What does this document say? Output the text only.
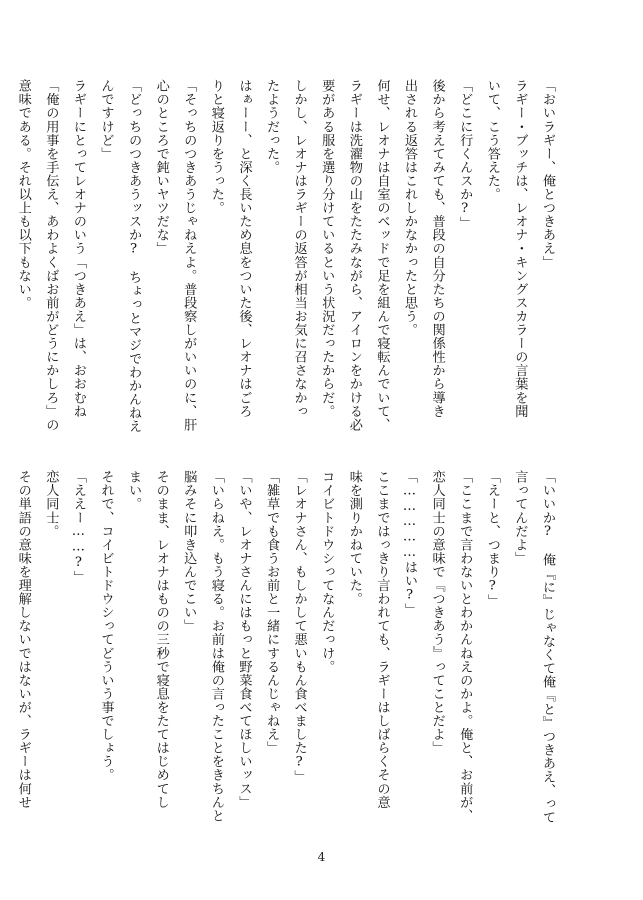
「おいラギー、俺とつきあえ」
ラギー・ブッチは、レオナ・キングスカラーの言葉を聞
いて、こう答えた。
「どこに行くんスか?」
後から考えてみても、普段の自分たちの関係性から導き
出される返答はこれしかなかったと思う。
何せ、レオナは自室のベッドで足を組んで寝転んでいて、
ラギーは洗濯物の山をたたみながら、アイロンをかける必
要がある服を選り分けているという状況だったからだ。
しかし、レオナはラギーの返答が相当お気に召さなかっ
たようだった。
はぁーー、と深く長いため息をついた後、レオナはごろ
りと寝返りをうった。
「そっちのつきあうじゃねえよ。普段察しがいいのに、肝
心のところで鈍いヤツだな」
「どっちのつきあうッスか?　ちょっとマジでわかんねえ
んですけど」
ラギーにとってレオナのいう「つきあえ」は、おおむね
「俺の用事を手伝え、あわよくばお前がどうにかしろ」の
意味である。それ以上も以下もない。
「いいか?　俺『に』じゃなくて俺『と』つきあえ、って
言ってんだよ」
「えーと、つまり?」
「ここまで言わないとわかんねえのかよ。俺と、お前が、
恋人同士の意味で『つきあう』ってことだよ」
「……………はい?」
ここまではっきり言われても、ラギーはしばらくその意
味を測りかねていた。
コイビトドウシってなんだっけ。
「レオナさん、もしかして悪いもん食べました?」
「雑草でも食うお前と一緒にするんじゃねえ」
「いや、レオナさんにはもっと野菜食べてほしいッス」
「いらねえ。もう寝る。お前は俺の言ったことをきちんと
脳みそに叩き込んでこい」
そのまま、レオナはものの三秒で寝息をたてはじめてし
まい。
それで、コイビトドウシってどういう事でしょう。
「ええー……?」
恋人同士。
その単語の意味を理解しないではないが、ラギーは何せ
4
